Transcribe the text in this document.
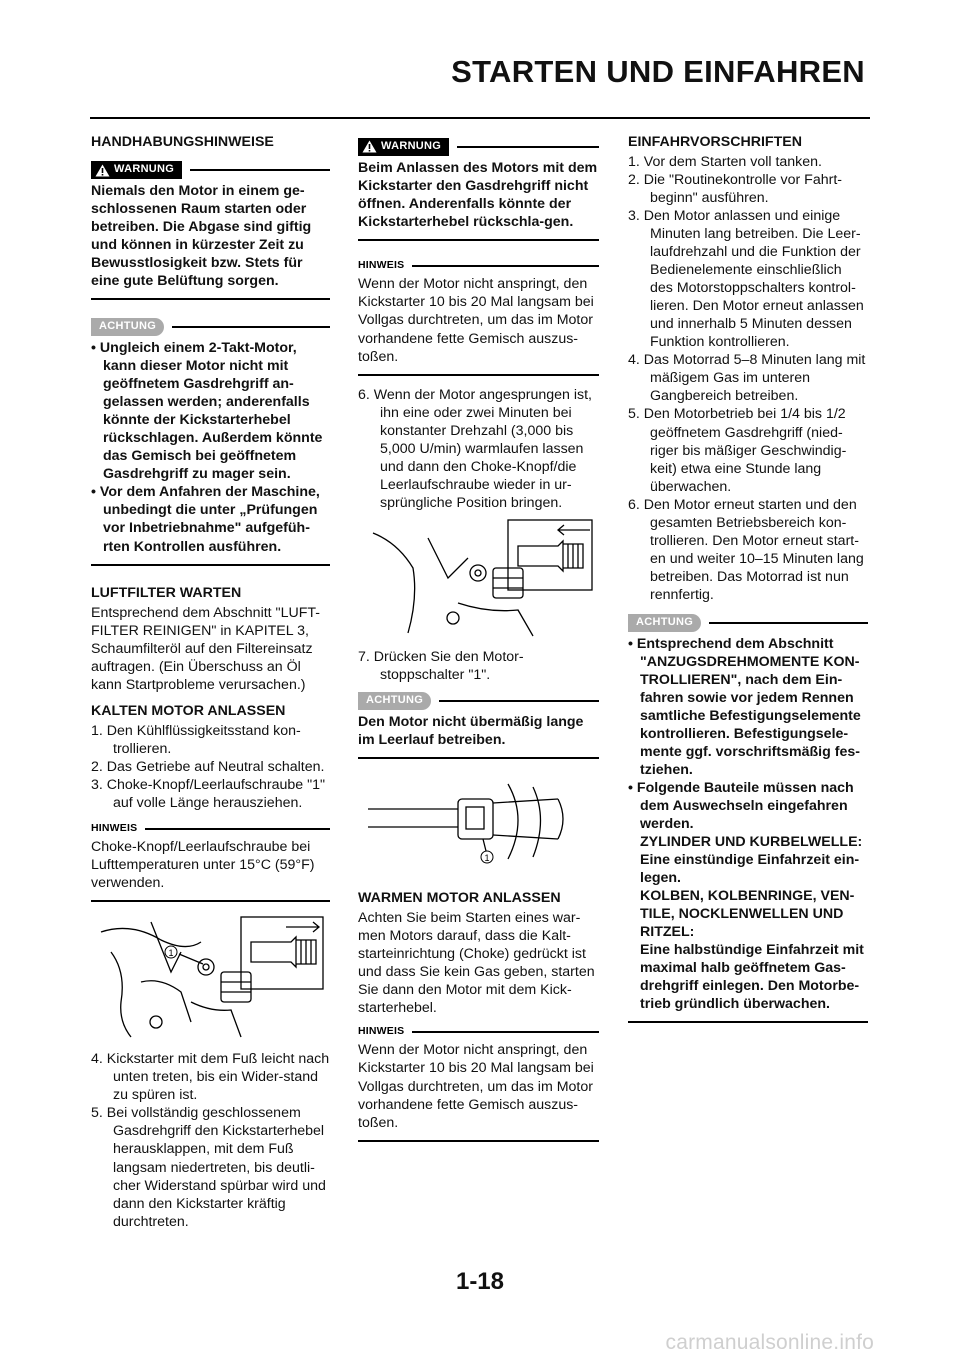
STARTEN UND EINFAHREN
HANDHABUNGSHINWEISE
WARNUNG
Niemals den Motor in einem ge-schlossenen Raum starten oder betreiben. Die Abgase sind giftig und können in kürzester Zeit zu Bewusstlosigkeit bzw. Stets für eine gute Belüftung sorgen.
ACHTUNG
• Ungleich einem 2-Takt-Motor, kann dieser Motor nicht mit geöffnetem Gasdrehgriff an-gelassen werden; anderenfalls könnte der Kickstarterhebel rückschlagen. Außerdem könnte das Gemisch bei geöffnetem Gasdrehgriff zu mager sein.
• Vor dem Anfahren der Maschine, unbedingt die unter „Prüfungen vor Inbetriebnahme" aufgefüh-rten Kontrollen ausführen.
LUFTFILTER WARTEN
Entsprechend dem Abschnitt "LUFT-FILTER REINIGEN" in KAPITEL 3, Schaumfilteröl auf den Filtereinsatz auftragen. (Ein Überschuss an Öl kann Startprobleme verursachen.)
KALTEN MOTOR ANLASSEN
1. Den Kühlflüssigkeitsstand kon-trollieren.
2. Das Getriebe auf Neutral schalten.
3. Choke-Knopf/Leerlaufschraube "1" auf volle Länge herausziehen.
HINWEIS
Choke-Knopf/Leerlaufschraube bei Lufttemperaturen unter 15°C (59°F) verwenden.
1
4. Kickstarter mit dem Fuß leicht nach unten treten, bis ein Wider-stand zu spüren ist.
5. Bei vollständig geschlossenem Gasdrehgriff den Kickstarterhebel herausklappen, mit dem Fuß langsam niedertreten, bis deutli-cher Widerstand spürbar wird und dann den Kickstarter kräftig durchtreten.
WARNUNG
Beim Anlassen des Motors mit dem Kickstarter den Gasdrehgriff nicht öffnen. Anderenfalls könnte der Kickstarterhebel rückschla-gen.
HINWEIS
Wenn der Motor nicht anspringt, den Kickstarter 10 bis 20 Mal langsam bei Vollgas durchtreten, um das im Motor vorhandene fette Gemisch auszus-toßen.
6. Wenn der Motor angesprungen ist, ihn eine oder zwei Minuten bei konstanter Drehzahl (3,000 bis 5,000 U/min) warmlaufen lassen und dann den Choke-Knopf/die Leerlaufschraube wieder in ur-sprüngliche Position bringen.
7. Drücken Sie den Motor-stoppschalter "1".
ACHTUNG
Den Motor nicht übermäßig lange im Leerlauf betreiben.
1
WARMEN MOTOR ANLASSEN
Achten Sie beim Starten eines war-men Motors darauf, dass die Kalt-starteinrichtung (Choke) gedrückt ist und dass Sie kein Gas geben, starten Sie dann den Motor mit dem Kick-starterhebel.
HINWEIS
Wenn der Motor nicht anspringt, den Kickstarter 10 bis 20 Mal langsam bei Vollgas durchtreten, um das im Motor vorhandene fette Gemisch auszus-toßen.
EINFAHRVORSCHRIFTEN
1. Vor dem Starten voll tanken.
2. Die "Routinekontrolle vor Fahrt-beginn" ausführen.
3. Den Motor anlassen und einige Minuten lang betreiben. Die Leer-laufdrehzahl und die Funktion der Bedienelemente einschließlich des Motorstoppschalters kontrol-lieren. Den Motor erneut anlassen und innerhalb 5 Minuten dessen Funktion kontrollieren.
4. Das Motorrad 5–8 Minuten lang mit mäßigem Gas im unteren Gangbereich betreiben.
5. Den Motorbetrieb bei 1/4 bis 1/2 geöffnetem Gasdrehgriff (nied-riger bis mäßiger Geschwindig-keit) etwa eine Stunde lang überwachen.
6. Den Motor erneut starten und den gesamten Betriebsbereich kon-trollieren. Den Motor erneut start-en und weiter 10–15 Minuten lang betreiben. Das Motorrad ist nun rennfertig.
ACHTUNG
• Entsprechend dem Abschnitt "ANZUGSDREHMOMENTE KON-TROLLIEREN", nach dem Ein-fahren sowie vor jedem Rennen samtliche Befestigungselemente kontrollieren. Befestigungsele-mente ggf. vorschriftsmäßig fes-tziehen.
• Folgende Bauteile müssen nach dem Auswechseln eingefahren werden.
ZYLINDER UND KURBELWELLE: Eine einstündige Einfahrzeit ein-legen.
KOLBEN, KOLBENRINGE, VEN-TILE, NOCKLENWELLEN UND RITZEL:
Eine halbstündige Einfahrzeit mit maximal halb geöffnetem Gas-drehgriff einlegen. Den Motorbe-trieb gründlich überwachen.
1-18
carmanualsonline.info
